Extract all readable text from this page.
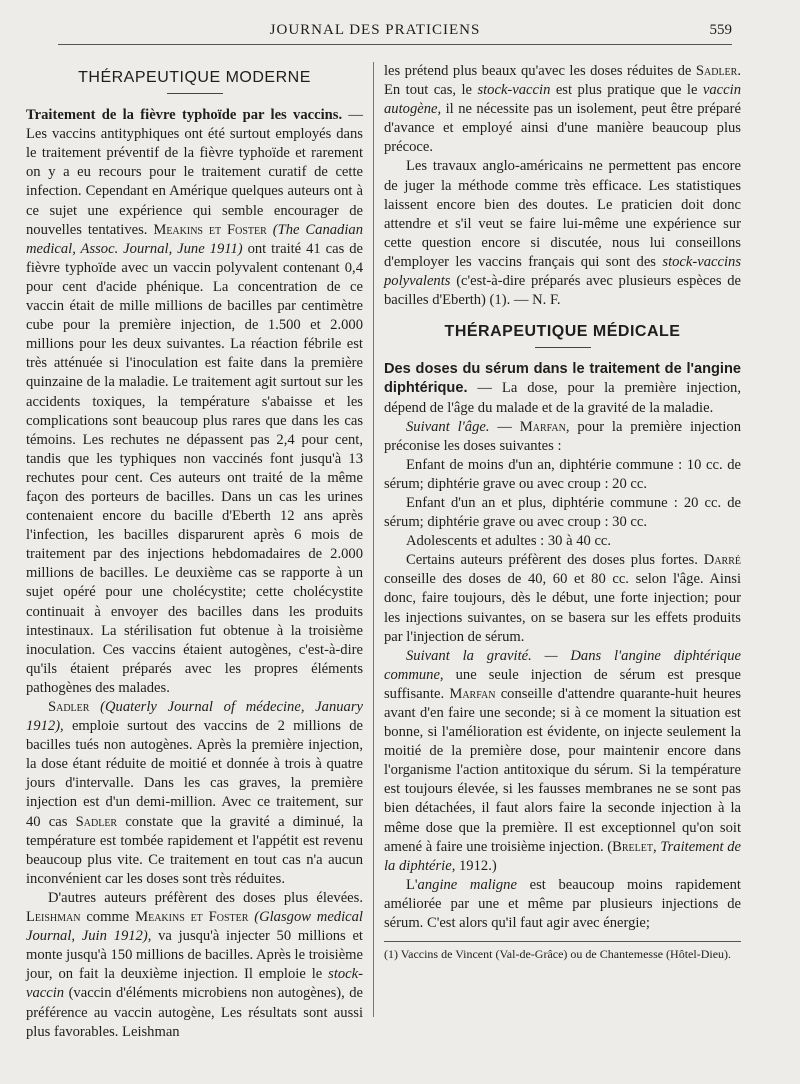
JOURNAL DES PRATICIENS	559
THÉRAPEUTIQUE MODERNE

Traitement de la fièvre typhoïde par les vaccins. — Les vaccins antityphiques ont été surtout employés dans le traitement préventif de la fièvre typhoïde et rarement on y a eu recours pour le traitement curatif de cette infection. Cependant en Amérique quelques auteurs ont à ce sujet une expérience qui semble encourager de nouvelles tentatives. Meakins et Foster (The Canadian medical, Assoc. Journal, June 1911) ont traité 41 cas de fièvre typhoïde avec un vaccin polyvalent contenant 0,4 pour cent d'acide phénique. La concentration de ce vaccin était de mille millions de bacilles par centimètre cube pour la première injection, de 1.500 et 2.000 millions pour les deux suivantes. La réaction fébrile est très atténuée si l'inoculation est faite dans la première quinzaine de la maladie. Le traitement agit surtout sur les accidents toxiques, la température s'abaisse et les complications sont beaucoup plus rares que dans les cas témoins. Les rechutes ne dépassent pas 2,4 pour cent, tandis que les typhiques non vaccinés font jusqu'à 13 rechutes pour cent. Ces auteurs ont traité de la même façon des porteurs de bacilles. Dans un cas les urines contenaient encore du bacille d'Eberth 12 ans après l'infection, les bacilles disparurent après 6 mois de traitement par des injections hebdomadaires de 2.000 millions de bacilles. Le deuxième cas se rapporte à un sujet opéré pour une cholécystite; cette cholécystite continuait à envoyer des bacilles dans les produits intestinaux. La stérilisation fut obtenue à la troisième inoculation. Ces vaccins étaient autogènes, c'est-à-dire qu'ils étaient préparés avec les propres éléments pathogènes des malades.

Sadler (Quaterly Journal of médecine, January 1912), emploie surtout des vaccins de 2 millions de bacilles tués non autogènes. Après la première injection, la dose étant réduite de moitié et donnée à trois à quatre jours d'intervalle. Dans les cas graves, la première injection est d'un demi-million. Avec ce traitement, sur 40 cas Sadler constate que la gravité a diminué, la température est tombée rapidement et l'appétit est revenu beaucoup plus vite. Ce traitement en tout cas n'a aucun inconvénient car les doses sont très réduites.

D'autres auteurs préfèrent des doses plus élevées. Leishman comme Meakins et Foster (Glasgow medical Journal, Juin 1912), va jusqu'à injecter 50 millions et monte jusqu'à 150 millions de bacilles. Après le troisième jour, on fait la deuxième injection. Il emploie le stock-vaccin (vaccin d'éléments microbiens non autogènes), de préférence au vaccin autogène, Les résultats sont aussi plus favorables. Leishman

les prétend plus beaux qu'avec les doses réduites de Sadler. En tout cas, le stock-vaccin est plus pratique que le vaccin autogène, il ne nécessite pas un isolement, peut être préparé d'avance et employé ainsi d'une manière beaucoup plus précoce.

Les travaux anglo-américains ne permettent pas encore de juger la méthode comme très efficace. Les statistiques laissent encore bien des doutes. Le praticien doit donc attendre et s'il veut se faire lui-même une expérience sur cette question encore si discutée, nous lui conseillons d'employer les vaccins français qui sont des stock-vaccins polyvalents (c'est-à-dire préparés avec plusieurs espèces de bacilles d'Eberth) (1). — N. F.

THÉRAPEUTIQUE MÉDICALE

Des doses du sérum dans le traitement de l'angine diphtérique. — La dose, pour la première injection, dépend de l'âge du malade et de la gravité de la maladie.

Suivant l'âge. — Marfan, pour la première injection préconise les doses suivantes :

Enfant de moins d'un an, diphtérie commune : 10 cc. de sérum; diphtérie grave ou avec croup : 20 cc.

Enfant d'un an et plus, diphtérie commune : 20 cc. de sérum; diphtérie grave ou avec croup : 30 cc.

Adolescents et adultes : 30 à 40 cc.

Certains auteurs préfèrent des doses plus fortes. Darré conseille des doses de 40, 60 et 80 cc. selon l'âge. Ainsi donc, faire toujours, dès le début, une forte injection; pour les injections suivantes, on se basera sur les effets produits par l'injection de sérum.

Suivant la gravité. — Dans l'angine diphtérique commune, une seule injection de sérum est presque suffisante. Marfan conseille d'attendre quarante-huit heures avant d'en faire une seconde; si à ce moment la situation est bonne, si l'amélioration est évidente, on injecte seulement la moitié de la première dose, pour maintenir encore dans l'organisme l'action antitoxique du sérum. Si la température est toujours élevée, si les fausses membranes ne se sont pas bien détachées, il faut alors faire la seconde injection à la même dose que la première. Il est exceptionnel qu'on soit amené à faire une troisième injection. (Brelet, Traitement de la diphtérie, 1912.)

L'angine maligne est beaucoup moins rapidement améliorée par une et même par plusieurs injections de sérum. C'est alors qu'il faut agir avec énergie;

(1) Vaccins de Vincent (Val-de-Grâce) ou de Chantemesse (Hôtel-Dieu).
